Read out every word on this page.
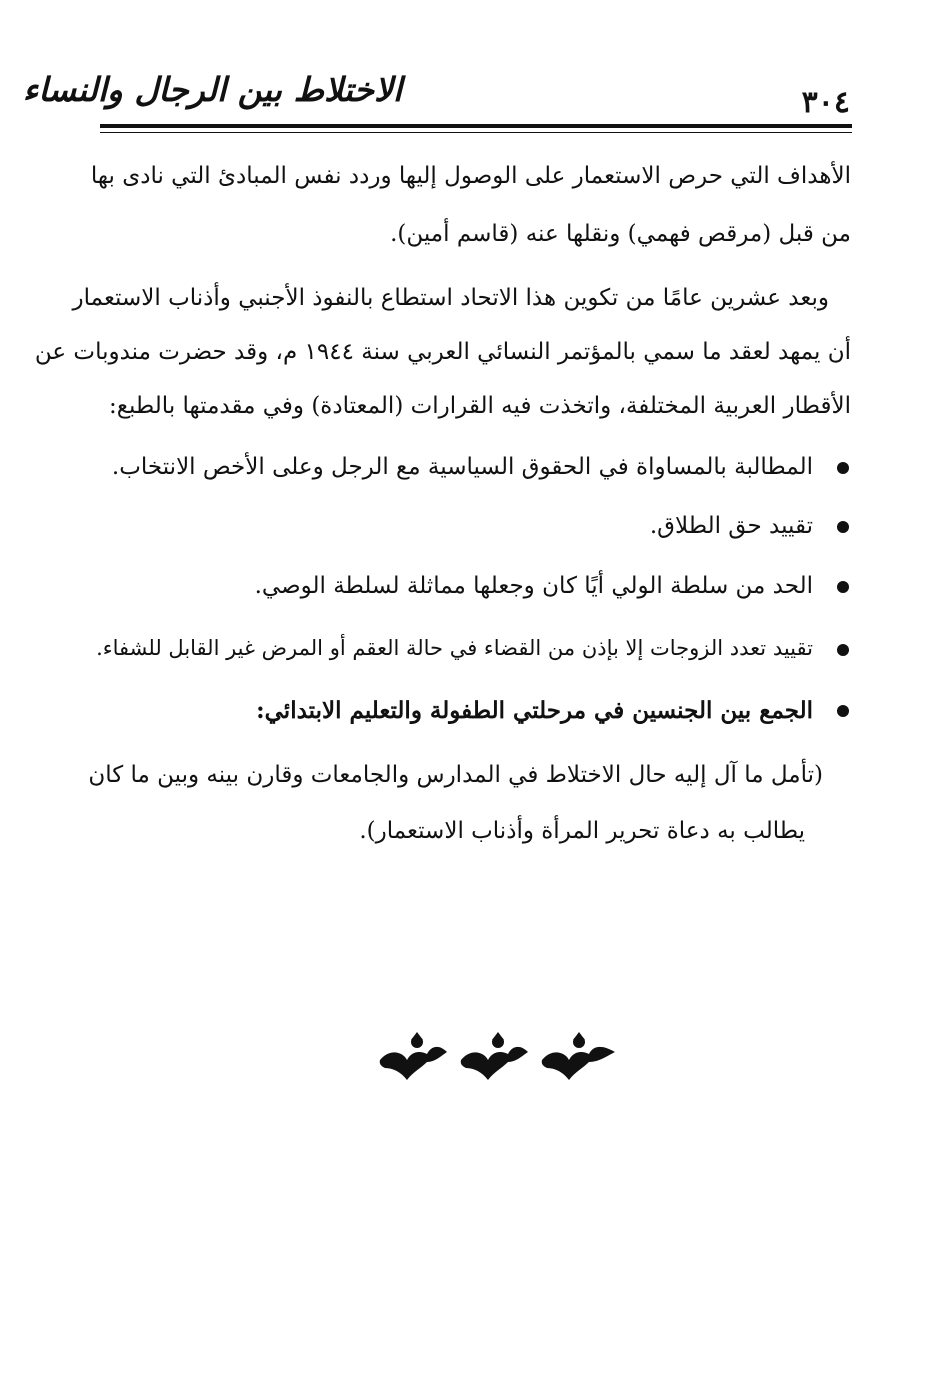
٣٠٤
الاختلاط بين الرجال والنساء
الأهداف التي حرص الاستعمار على الوصول إليها وردد نفس المبادئ التي نادى بها
من قبل (مرقص فهمي) ونقلها عنه (قاسم أمين).
وبعد عشرين عامًا من تكوين هذا الاتحاد استطاع بالنفوذ الأجنبي وأذناب الاستعمار
أن يمهد لعقد ما سمي بالمؤتمر النسائي العربي سنة ١٩٤٤ م، وقد حضرت مندوبات عن
الأقطار العربية المختلفة، واتخذت فيه القرارات (المعتادة) وفي مقدمتها بالطبع:
المطالبة بالمساواة في الحقوق السياسية مع الرجل وعلى الأخص الانتخاب.
تقييد حق الطلاق.
الحد من سلطة الولي أيًا كان وجعلها مماثلة لسلطة الوصي.
تقييد تعدد الزوجات إلا بإذن من القضاء في حالة العقم أو المرض غير القابل للشفاء.
الجمع بين الجنسين في مرحلتي الطفولة والتعليم الابتدائي:
(تأمل ما آل إليه حال الاختلاط في المدارس والجامعات وقارن بينه وبين ما كان
يطالب به دعاة تحرير المرأة وأذناب الاستعمار).
